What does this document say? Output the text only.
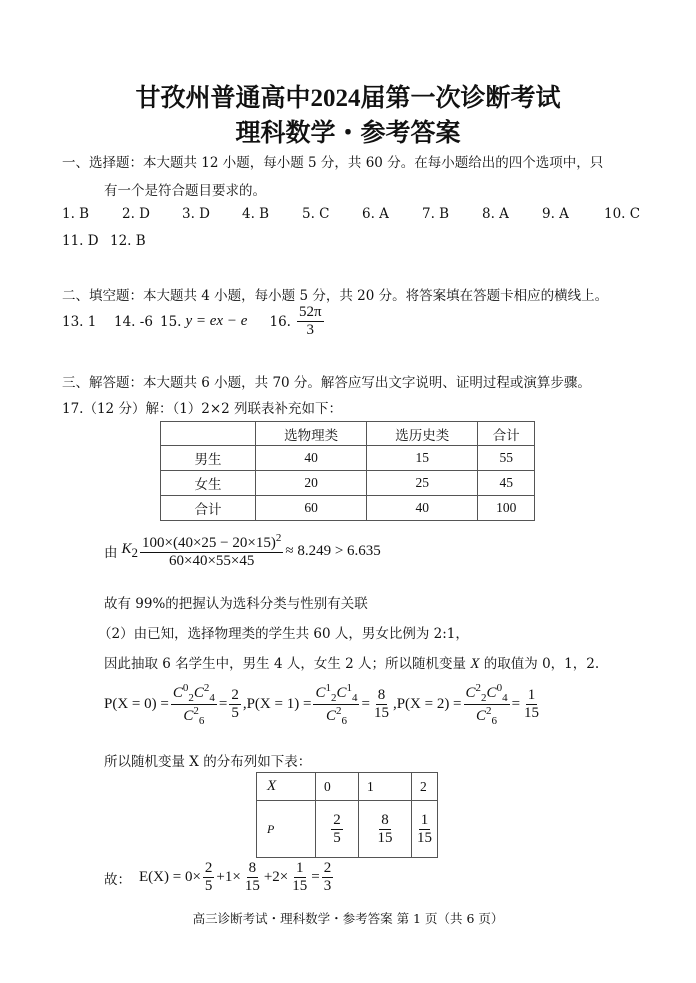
甘孜州普通高中2024届第一次诊断考试
理科数学・参考答案
一、选择题：本大题共 12 小题，每小题 5 分，共 60 分。在每小题给出的四个选项中，只
有一个是符合题目要求的。
1. B 2. D 3. D 4. B 5. C 6. A 7. B 8. A 9. A	10. C
11. D 12. B
二、填空题：本大题共 4 小题，每小题 5 分，共 20 分。将答案填在答题卡相应的横线上。
13. 1	14. -6 15. y = ex − e	16.
52π
3
三、解答题：本大题共 6 小题，共 70 分。解答应写出文字说明、证明过程或演算步骤。
17.（12 分）解：（1）2×2 列联表补充如下：
	选物理类	选历史类	合计
男生	40	15	55
女生	20	25	45
合计	60	40	100
由 $K_2 \frac{100\times(40\times 25 - 20\times 15)^2}{60\times 40\times 55\times 45} \approx 8.249 > 6.635$
故有 99%的把握认为选科分类与性别有关联
（2）由已知，选择物理类的学生共 60 人，男女比例为 2:1，
因此抽取 6 名学生中，男生 4 人，女生 2 人；所以随机变量 X 的取值为 0，1，2.
$P(X = 0) = \frac{C^0_2C^2_4}{C^2_6} = \frac{2}{5} ,P(X = 1) = \frac{C^1_2C^1_4}{C^2_6} = \frac{8}{15} ,P(X = 2) = \frac{C^2_2C^0_4}{C^2_6} = \frac{1}{15}$
所以随机变量 X 的分布列如下表：
X	0	1	2
P	$\frac{2}{5}$	$\frac{8}{15}$	$\frac{1}{15}$
故： $E(X) = 0\times \frac{2}{5} +1\times \frac{8}{15} +2\times \frac{1}{15} = \frac{2}{3}$
高三诊断考试・理科数学・参考答案 第 1 页（共 6 页）
